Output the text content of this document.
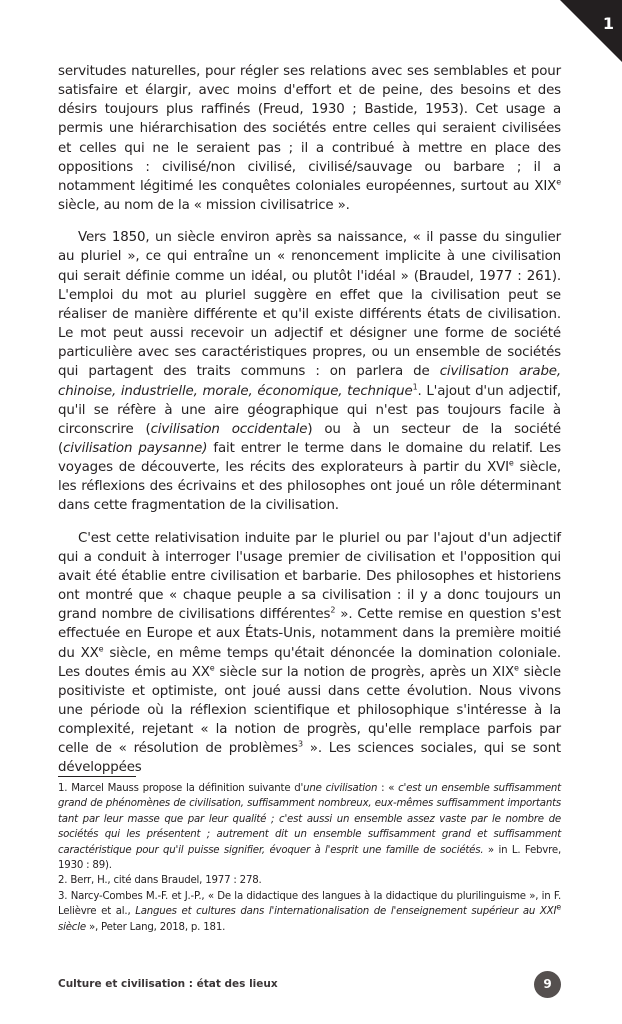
1

servitudes naturelles, pour régler ses relations avec ses semblables et pour satisfaire et élargir, avec moins d'effort et de peine, des besoins et des désirs toujours plus raffinés (Freud, 1930 ; Bastide, 1953). Cet usage a permis une hiérarchisation des sociétés entre celles qui seraient civilisées et celles qui ne le seraient pas ; il a contribué à mettre en place des oppositions : civilisé/non civilisé, civilisé/sauvage ou barbare ; il a notamment légitimé les conquêtes coloniales européennes, surtout au XIXe siècle, au nom de la « mission civilisatrice ».

Vers 1850, un siècle environ après sa naissance, « il passe du singulier au pluriel », ce qui entraîne un « renoncement implicite à une civilisation qui serait définie comme un idéal, ou plutôt l'idéal » (Braudel, 1977 : 261). L'emploi du mot au pluriel suggère en effet que la civilisation peut se réaliser de manière différente et qu'il existe différents états de civilisation. Le mot peut aussi recevoir un adjectif et désigner une forme de société particulière avec ses caractéristiques propres, ou un ensemble de sociétés qui partagent des traits communs : on parlera de civilisation arabe, chinoise, industrielle, morale, économique, technique$^1$. L'ajout d'un adjectif, qu'il se réfère à une aire géographique qui n'est pas toujours facile à circonscrire (civilisation occidentale) ou à un secteur de la société (civilisation paysanne) fait entrer le terme dans le domaine du relatif. Les voyages de découverte, les récits des explorateurs à partir du XVIe siècle, les réflexions des écrivains et des philosophes ont joué un rôle déterminant dans cette fragmentation de la civilisation.

C'est cette relativisation induite par le pluriel ou par l'ajout d'un adjectif qui a conduit à interroger l'usage premier de civilisation et l'opposition qui avait été établie entre civilisation et barbarie. Des philosophes et historiens ont montré que « chaque peuple a sa civilisation : il y a donc toujours un grand nombre de civilisations différentes$^2$ ». Cette remise en question s'est effectuée en Europe et aux États-Unis, notamment dans la première moitié du XXe siècle, en même temps qu'était dénoncée la domination coloniale. Les doutes émis au XXe siècle sur la notion de progrès, après un XIXe siècle positiviste et optimiste, ont joué aussi dans cette évolution. Nous vivons une période où la réflexion scientifique et philosophique s'intéresse à la complexité, rejetant « la notion de progrès, qu'elle remplace parfois par celle de « résolution de problèmes$^3$ ». Les sciences sociales, qui se sont développées

1. Marcel Mauss propose la définition suivante d'une civilisation : « c'est un ensemble suffisamment grand de phénomènes de civilisation, suffisamment nombreux, eux-mêmes suffisamment importants tant par leur masse que par leur qualité ; c'est aussi un ensemble assez vaste par le nombre de sociétés qui les présentent ; autrement dit un ensemble suffisamment grand et suffisamment caractéristique pour qu'il puisse signifier, évoquer à l'esprit une famille de sociétés. » in L. Febvre, 1930 : 89).

2. Berr, H., cité dans Braudel, 1977 : 278.

3. Narcy-Combes M.-F. et J.-P., « De la didactique des langues à la didactique du plurilinguisme », in F. Lelièvre et al., Langues et cultures dans l'internationalisation de l'enseignement supérieur au XXIe siècle », Peter Lang, 2018, p. 181.

Culture et civilisation : état des lieux	9
